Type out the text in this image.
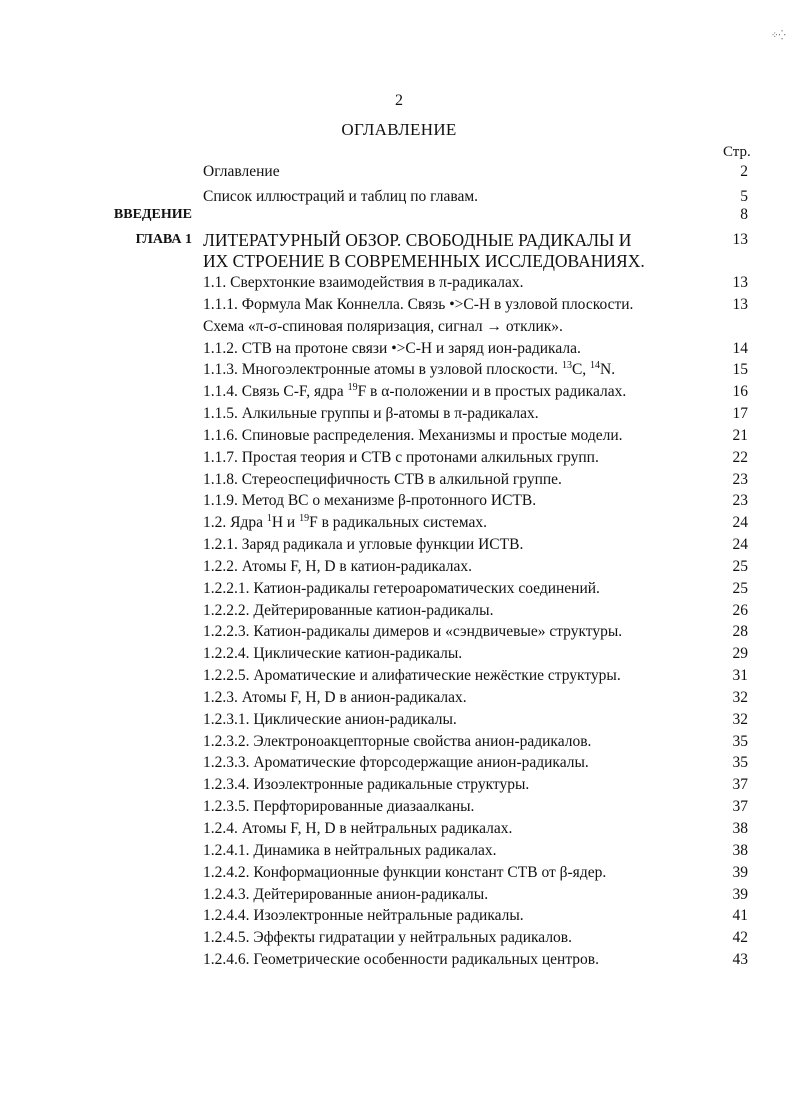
2
ОГЛАВЛЕНИЕ
Стр.
Оглавление	2
Список иллюстраций и таблиц по главам.	5
ВВЕДЕНИЕ	8
ГЛАВА 1 ЛИТЕРАТУРНЫЙ ОБЗОР. СВОБОДНЫЕ РАДИКАЛЫ И	13
ИХ СТРОЕНИЕ В СОВРЕМЕННЫХ ИССЛЕДОВАНИЯХ.
1.1. Сверхтонкие взаимодействия в π-радикалах.	13
1.1.1. Формула Мак Коннелла. Связь •>C-H в узловой плоскости.	13
Схема «π-σ-спиновая поляризация, сигнал → отклик».
1.1.2. СТВ на протоне связи •>C-H и заряд ион-радикала.	14
1.1.3. Многоэлектронные атомы в узловой плоскости. $^{13}$C, $^{14}$N.	15
1.1.4. Связь C-F, ядра $^{19}$F в α-положении и в простых радикалах.	16
1.1.5. Алкильные группы и β-атомы в π-радикалах.	17
1.1.6. Спиновые распределения. Механизмы и простые модели.	21
1.1.7. Простая теория и СТВ с протонами алкильных групп.	22
1.1.8. Стереоспецифичность СТВ в алкильной группе.	23
1.1.9. Метод ВС о механизме β-протонного ИСТВ.	23
1.2. Ядра $^1$H и $^{19}$F в радикальных системах.	24
1.2.1. Заряд радикала и угловые функции ИСТВ.	24
1.2.2. Атомы F, H, D в катион-радикалах.	25
1.2.2.1. Катион-радикалы гетероароматических соединений.	25
1.2.2.2. Дейтерированные катион-радикалы.	26
1.2.2.3. Катион-радикалы димеров и «сэндвичевые» структуры.	28
1.2.2.4. Циклические катион-радикалы.	29
1.2.2.5. Ароматические и алифатические нежёсткие структуры.	31
1.2.3. Атомы F, H, D в анион-радикалах.	32
1.2.3.1. Циклические анион-радикалы.	32
1.2.3.2. Электроноакцепторные свойства анион-радикалов.	35
1.2.3.3. Ароматические фторсодержащие анион-радикалы.	35
1.2.3.4. Изоэлектронные радикальные структуры.	37
1.2.3.5. Перфторированные диазаалканы.	37
1.2.4. Атомы F, H, D в нейтральных радикалах.	38
1.2.4.1. Динамика в нейтральных радикалах.	38
1.2.4.2. Конформационные функции констант СТВ от β-ядер.	39
1.2.4.3. Дейтерированные анион-радикалы.	39
1.2.4.4. Изоэлектронные нейтральные радикалы.	41
1.2.4.5. Эффекты гидратации у нейтральных радикалов.	42
1.2.4.6. Геометрические особенности радикальных центров.	43
⁘⁛
